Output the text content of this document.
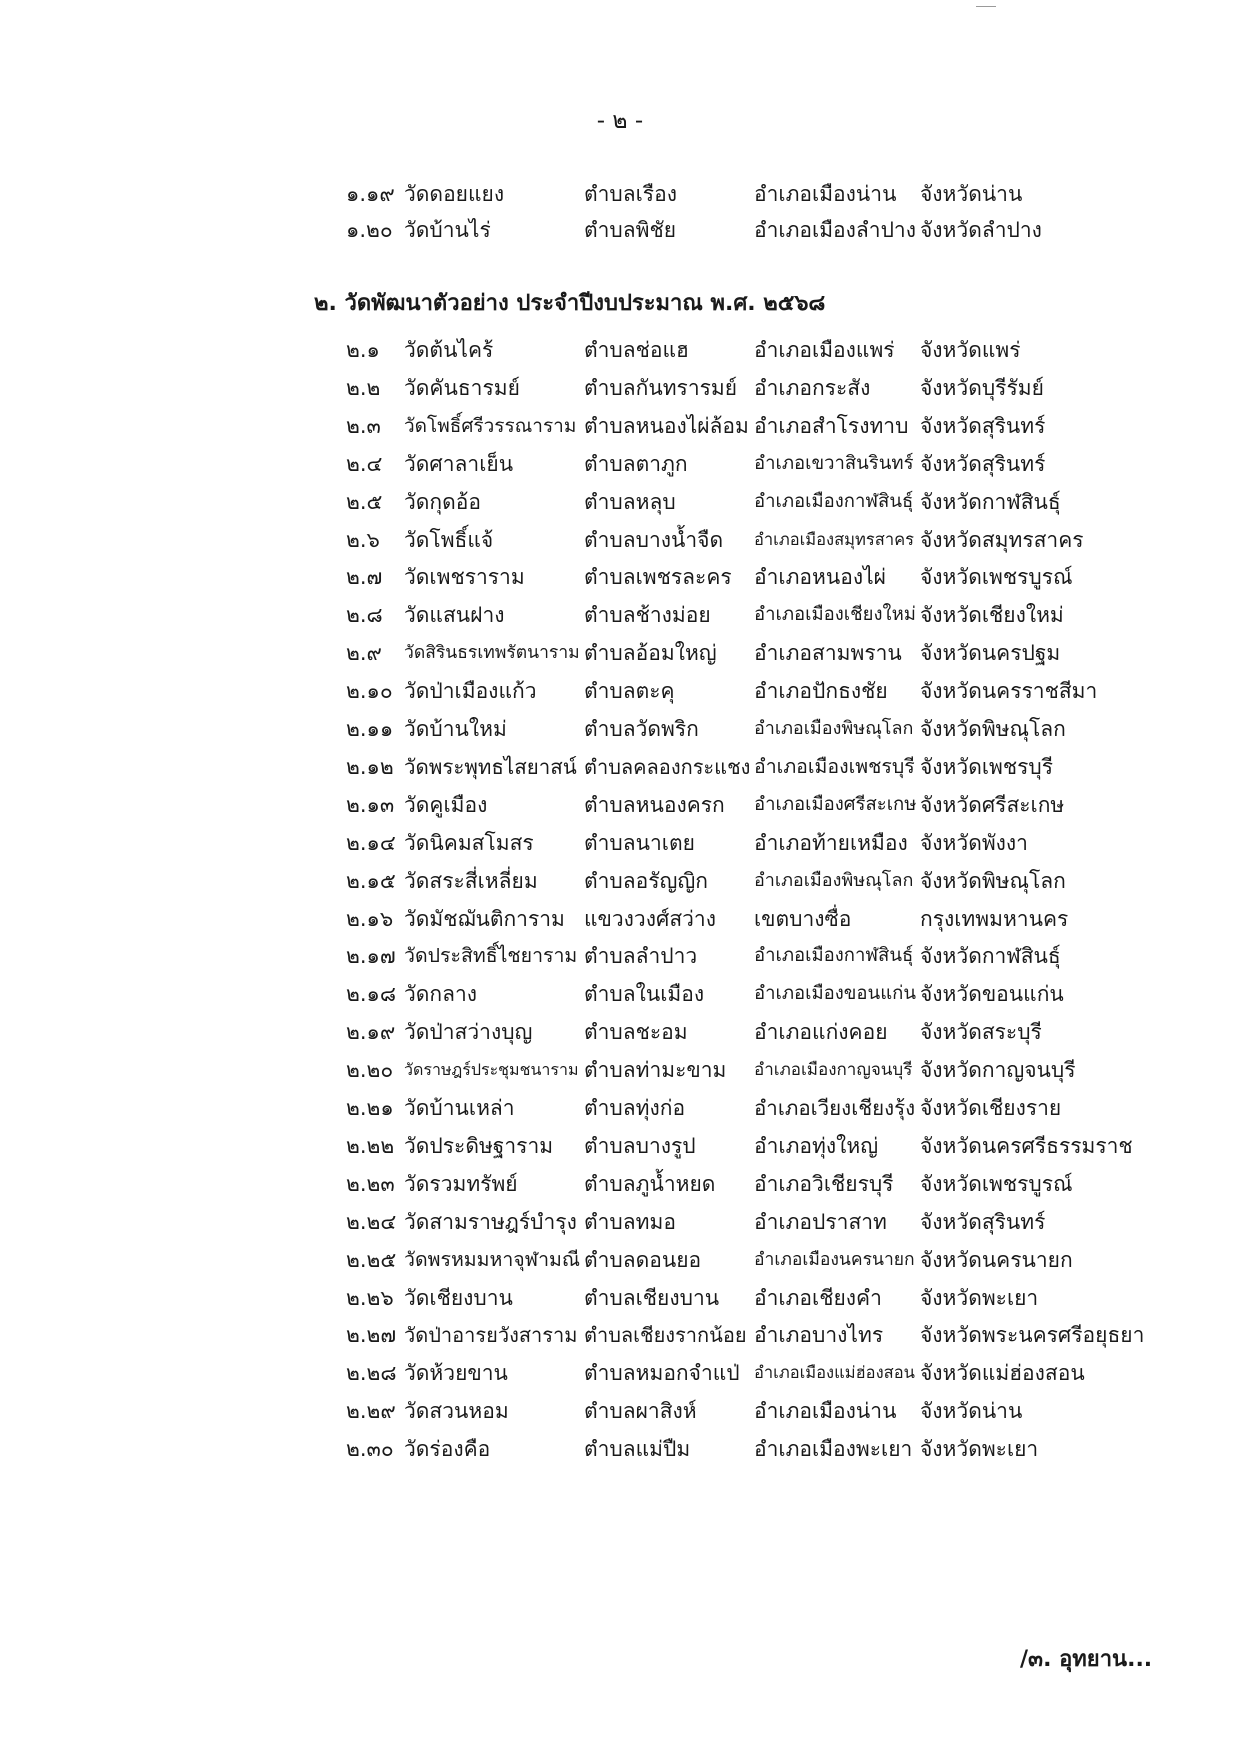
- ๒ -
๑.๑๙ วัดดอยแยง	ตำบลเรือง	อำเภอเมืองน่าน จังหวัดน่าน
๑.๒๐ วัดบ้านไร่	ตำบลพิชัย	อำเภอเมืองลำปาง จังหวัดลำปาง
๒. วัดพัฒนาตัวอย่าง ประจำปีงบประมาณ พ.ศ. ๒๕๖๘
๒.๑ วัดต้นไคร้	ตำบลช่อแฮ	อำเภอเมืองแพร่ จังหวัดแพร่
๒.๒ วัดคันธารมย์	ตำบลกันทรารมย์ อำเภอกระสัง จังหวัดบุรีรัมย์
๒.๓ วัดโพธิ์ศรีวรรณาราม ตำบลหนองไผ่ล้อม อำเภอสำโรงทาบ จังหวัดสุรินทร์
๒.๔ วัดศาลาเย็น	ตำบลตาภูก	อำเภอเขวาสินรินทร์ จังหวัดสุรินทร์
๒.๕ วัดกุดอ้อ	ตำบลหลุบ	อำเภอเมืองกาฬสินธุ์ จังหวัดกาฬสินธุ์
๒.๖ วัดโพธิ์แจ้	ตำบลบางน้ำจืด อำเภอเมืองสมุทรสาคร จังหวัดสมุทรสาคร
๒.๗ วัดเพชราราม	ตำบลเพชรละคร อำเภอหนองไผ่ จังหวัดเพชรบูรณ์
๒.๘ วัดแสนฝาง	ตำบลช้างม่อย อำเภอเมืองเชียงใหม่ จังหวัดเชียงใหม่
๒.๙ วัดสิรินธรเทพรัตนาราม ตำบลอ้อมใหญ่ อำเภอสามพราน จังหวัดนครปฐม
๒.๑๐ วัดป่าเมืองแก้ว ตำบลตะคุ	อำเภอปักธงชัย จังหวัดนครราชสีมา
๒.๑๑ วัดบ้านใหม่	ตำบลวัดพริก	อำเภอเมืองพิษณุโลก จังหวัดพิษณุโลก
๒.๑๒ วัดพระพุทธไสยาสน์ ตำบลคลองกระแชง อำเภอเมืองเพชรบุรี จังหวัดเพชรบุรี
๒.๑๓ วัดคูเมือง	ตำบลหนองครก อำเภอเมืองศรีสะเกษ จังหวัดศรีสะเกษ
๒.๑๔ วัดนิคมสโมสร ตำบลนาเตย	อำเภอท้ายเหมือง จังหวัดพังงา
๒.๑๕ วัดสระสี่เหลี่ยม ตำบลอรัญญิก	อำเภอเมืองพิษณุโลก จังหวัดพิษณุโลก
๒.๑๖ วัดมัชฌันติการาม แขวงวงศ์สว่าง เขตบางซื่อ	กรุงเทพมหานคร
๒.๑๗ วัดประสิทธิ์ไชยาราม ตำบลลำปาว	อำเภอเมืองกาฬสินธุ์ จังหวัดกาฬสินธุ์
๒.๑๘ วัดกลาง	ตำบลในเมือง	อำเภอเมืองขอนแก่น จังหวัดขอนแก่น
๒.๑๙ วัดป่าสว่างบุญ ตำบลชะอม	อำเภอแก่งคอย จังหวัดสระบุรี
๒.๒๐ วัดราษฎร์ประชุมชนาราม ตำบลท่ามะขาม อำเภอเมืองกาญจนบุรี จังหวัดกาญจนบุรี
๒.๒๑ วัดบ้านเหล่า	ตำบลทุ่งก่อ	อำเภอเวียงเชียงรุ้ง จังหวัดเชียงราย
๒.๒๒ วัดประดิษฐาราม ตำบลบางรูป	อำเภอทุ่งใหญ่ จังหวัดนครศรีธรรมราช
๒.๒๓ วัดรวมทรัพย์	ตำบลภูน้ำหยด อำเภอวิเชียรบุรี จังหวัดเพชรบูรณ์
๒.๒๔ วัดสามราษฎร์บำรุง ตำบลทมอ	อำเภอปราสาท จังหวัดสุรินทร์
๒.๒๕ วัดพรหมมหาจุฬามณี ตำบลดอนยอ	อำเภอเมืองนครนายก จังหวัดนครนายก
๒.๒๖ วัดเชียงบาน	ตำบลเชียงบาน อำเภอเชียงคำ จังหวัดพะเยา
๒.๒๗ วัดป่าอารยวังสาราม ตำบลเชียงรากน้อย อำเภอบางไทร จังหวัดพระนครศรีอยุธยา
๒.๒๘ วัดห้วยขาน	ตำบลหมอกจำแป่ อำเภอเมืองแม่ฮ่องสอน จังหวัดแม่ฮ่องสอน
๒.๒๙ วัดสวนหอม	ตำบลผาสิงห์	อำเภอเมืองน่าน จังหวัดน่าน
๒.๓๐ วัดร่องคือ	ตำบลแม่ปืม	อำเภอเมืองพะเยา จังหวัดพะเยา
/๓. อุทยาน...
